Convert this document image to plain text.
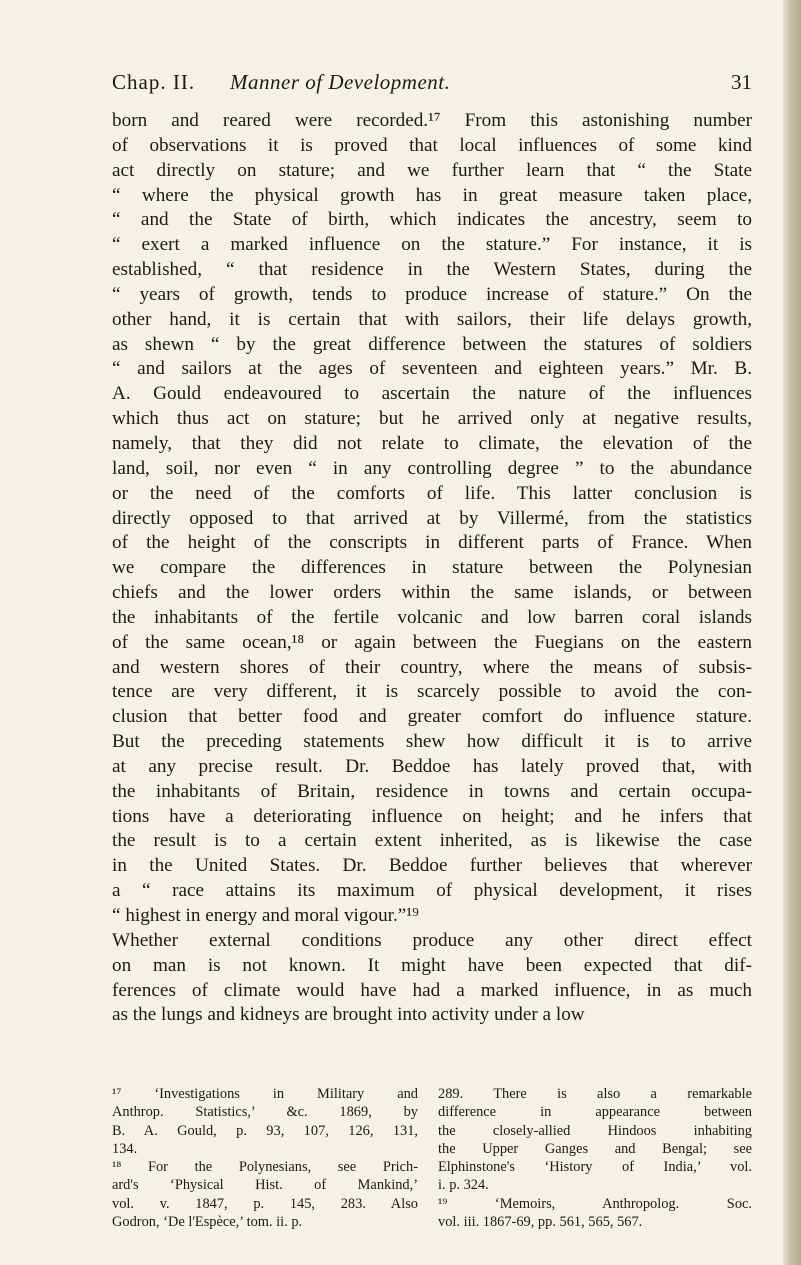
Chap. II. Manner of Development.	31
born and reared were recorded.¹⁷ From this astonishing number
of observations it is proved that local influences of some kind
act directly on stature; and we further learn that “ the State
“ where the physical growth has in great measure taken place,
“ and the State of birth, which indicates the ancestry, seem to
“ exert a marked influence on the stature.” For instance, it is
established, “ that residence in the Western States, during the
“ years of growth, tends to produce increase of stature.” On the
other hand, it is certain that with sailors, their life delays growth,
as shewn “ by the great difference between the statures of soldiers
“ and sailors at the ages of seventeen and eighteen years.” Mr. B.
A. Gould endeavoured to ascertain the nature of the influences
which thus act on stature; but he arrived only at negative results,
namely, that they did not relate to climate, the elevation of the
land, soil, nor even “ in any controlling degree ” to the abundance
or the need of the comforts of life. This latter conclusion is
directly opposed to that arrived at by Villermé, from the statistics
of the height of the conscripts in different parts of France. When
we compare the differences in stature between the Polynesian
chiefs and the lower orders within the same islands, or between
the inhabitants of the fertile volcanic and low barren coral islands
of the same ocean,¹⁸ or again between the Fuegians on the eastern
and western shores of their country, where the means of subsis-
tence are very different, it is scarcely possible to avoid the con-
clusion that better food and greater comfort do influence stature.
But the preceding statements shew how difficult it is to arrive
at any precise result. Dr. Beddoe has lately proved that, with
the inhabitants of Britain, residence in towns and certain occupa-
tions have a deteriorating influence on height; and he infers that
the result is to a certain extent inherited, as is likewise the case
in the United States. Dr. Beddoe further believes that wherever
a “ race attains its maximum of physical development, it rises
“ highest in energy and moral vigour.”¹⁹
Whether external conditions produce any other direct effect
on man is not known. It might have been expected that dif-
ferences of climate would have had a marked influence, in as much
as the lungs and kidneys are brought into activity under a low
¹⁷ ‘Investigations in Military and
Anthrop. Statistics,’ &c. 1869, by
B. A. Gould, p. 93, 107, 126, 131,
134.
¹⁸ For the Polynesians, see Prich-
ard's ‘Physical Hist. of Mankind,’
vol. v. 1847, p. 145, 283. Also
Godron, ‘De l'Espèce,’ tom. ii. p.
289. There is also a remarkable
difference in appearance between
the closely-allied Hindoos inhabiting
the Upper Ganges and Bengal; see
Elphinstone's ‘History of India,’ vol.
i. p. 324.
¹⁹ ‘Memoirs, Anthropolog. Soc.
vol. iii. 1867-69, pp. 561, 565, 567.
